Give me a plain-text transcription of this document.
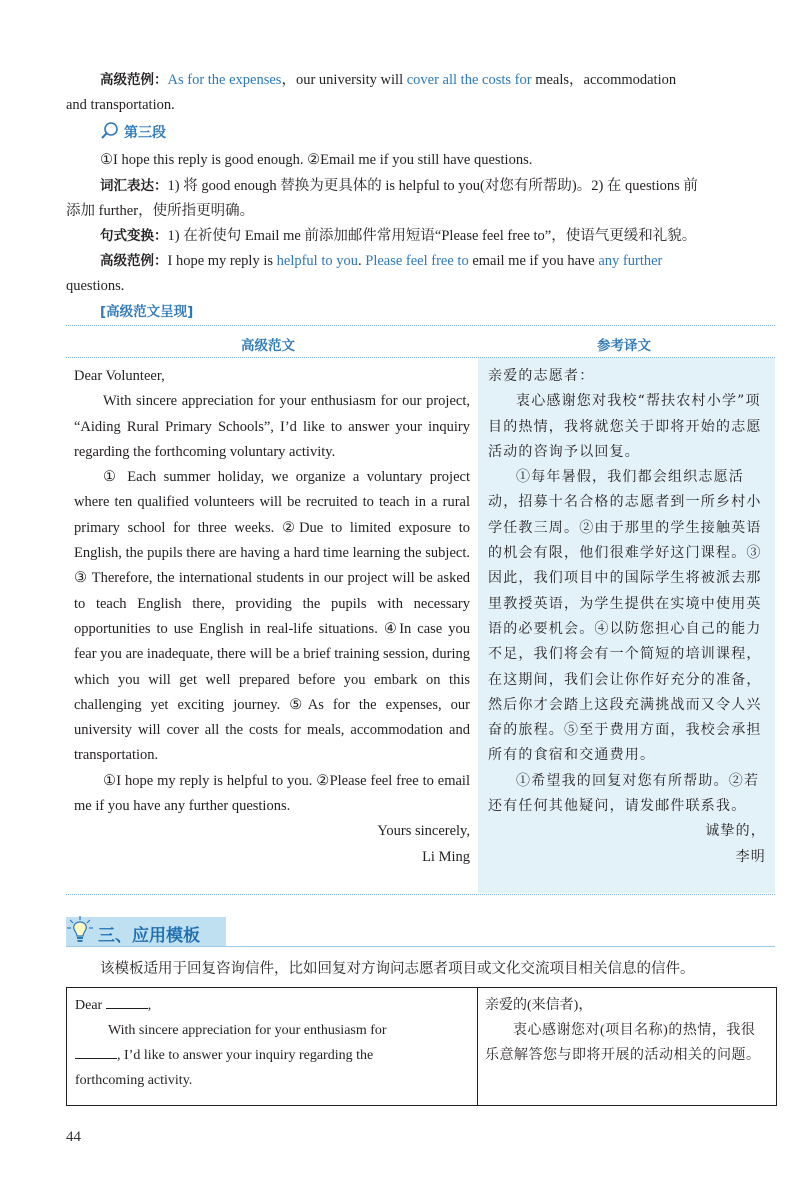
高级范例：As for the expenses，our university will cover all the costs for meals，accommodation
and transportation.
第三段
①I hope this reply is good enough. ②Email me if you still have questions.
词汇表达：1) 将 good enough 替换为更具体的 is helpful to you(对您有所帮助)。2) 在 questions 前
添加 further，使所指更明确。
句式变换：1) 在祈使句 Email me 前添加邮件常用短语“Please feel free to”，使语气更缓和礼貌。
高级范例：I hope my reply is helpful to you. Please feel free to email me if you have any further
questions.
[高级范文呈现]
高级范文	参考译文

Dear Volunteer,

With sincere appreciation for your enthusiasm for our project, “Aiding Rural Primary Schools”, I’d like to answer your inquiry regarding the forthcoming voluntary activity.

① Each summer holiday, we organize a voluntary project where ten qualified volunteers will be recruited to teach in a rural primary school for three weeks. ②Due to limited exposure to English, the pupils there are having a hard time learning the subject. ③ Therefore, the international students in our project will be asked to teach English there, providing the pupils with necessary opportunities to use English in real-life situations. ④In case you fear you are inadequate, there will be a brief training session, during which you will get well prepared before you embark on this challenging yet exciting journey. ⑤As for the expenses, our university will cover all the costs for meals, accommodation and transportation.

①I hope my reply is helpful to you. ②Please feel free to email me if you have any further questions.

Yours sincerely,

Li Ming

亲爱的志愿者：

衷心感谢您对我校“帮扶农村小学”项目的热情，我将就您关于即将开始的志愿活动的咨询予以回复。

①每年暑假，我们都会组织志愿活动，招募十名合格的志愿者到一所乡村小学任教三周。②由于那里的学生接触英语的机会有限，他们很难学好这门课程。③因此，我们项目中的国际学生将被派去那里教授英语，为学生提供在实境中使用英语的必要机会。④以防您担心自己的能力不足，我们将会有一个简短的培训课程，在这期间，我们会让你作好充分的准备，然后你才会踏上这段充满挑战而又令人兴奋的旅程。⑤至于费用方面，我校会承担所有的食宿和交通费用。

①希望我的回复对您有所帮助。②若还有任何其他疑问，请发邮件联系我。

诚挚的，

李明

三、应用模板
该模板适用于回复咨询信件，比如回复对方询问志愿者项目或文化交流项目相关信息的信件。
Dear	,
With sincere appreciation for your enthusiasm for
, I’d like to answer your inquiry regarding the
forthcoming activity.
亲爱的(来信者)，
衷心感谢您对(项目名称)的热情，我很乐意解答您与即将开展的活动相关的问题。
44
